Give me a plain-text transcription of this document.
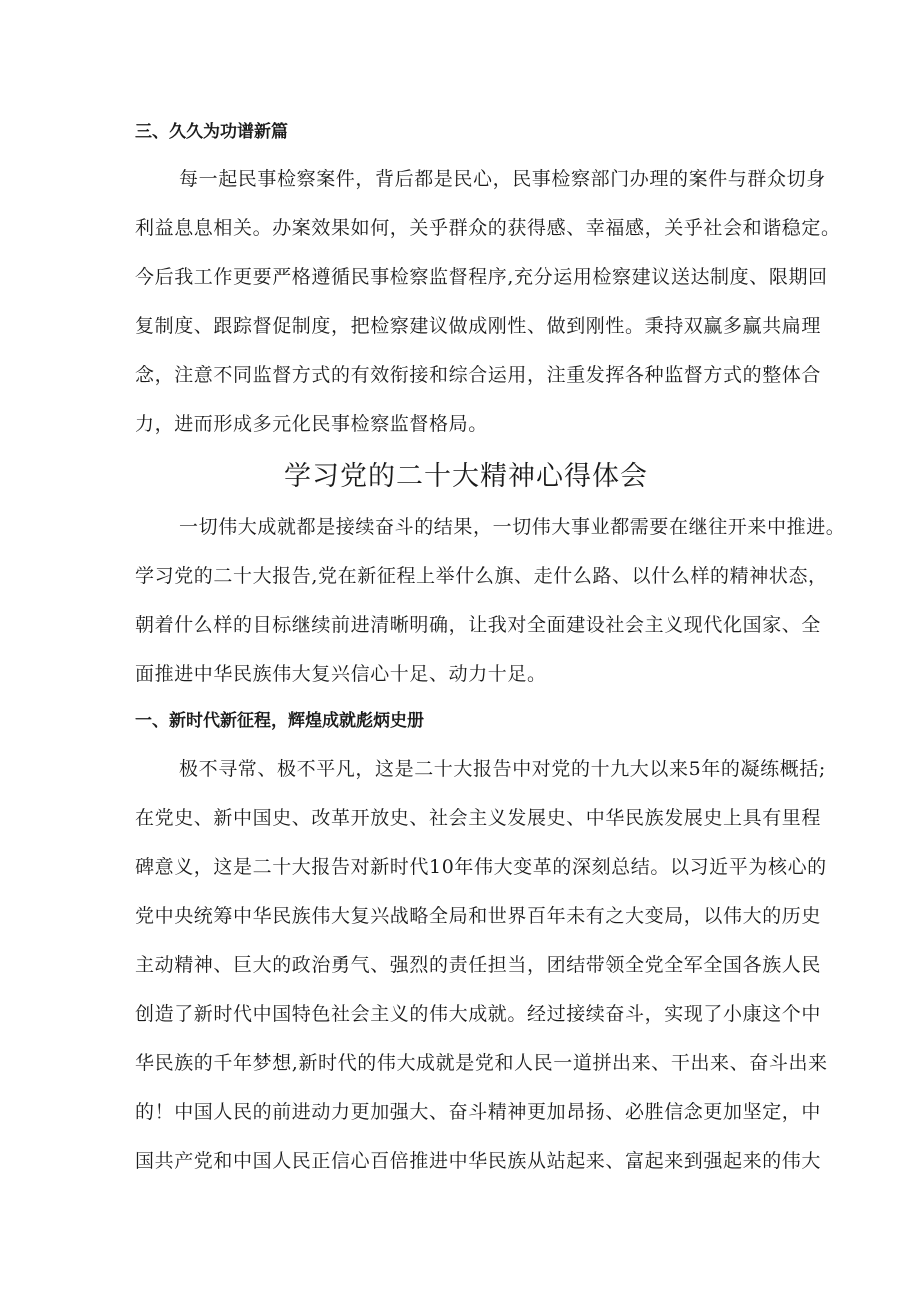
三、久久为功谱新篇
每一起民事检察案件，背后都是民心，民事检察部门办理的案件与群众切身
利益息息相关。办案效果如何，关乎群众的获得感、幸福感，关乎社会和谐稳定。
今后我工作更要严格遵循民事检察监督程序,充分运用检察建议送达制度、限期回
复制度、跟踪督促制度，把检察建议做成刚性、做到刚性。秉持双赢多赢共扁理
念，注意不同监督方式的有效衔接和综合运用，注重发挥各种监督方式的整体合
力，进而形成多元化民事检察监督格局。
学习党的二十大精神心得体会
一切伟大成就都是接续奋斗的结果，一切伟大事业都需要在继往开来中推进。
学习党的二十大报告,党在新征程上举什么旗、走什么路、以什么样的精神状态，
朝着什么样的目标继续前进清晰明确，让我对全面建设社会主义现代化国家、全
面推进中华民族伟大复兴信心十足、动力十足。
一、新时代新征程，辉煌成就彪炳史册
极不寻常、极不平凡，这是二十大报告中对党的十九大以来5年的凝练概括;
在党史、新中国史、改革开放史、社会主义发展史、中华民族发展史上具有里程
碑意义，这是二十大报告对新时代10年伟大变革的深刻总结。以习近平为核心的
党中央统筹中华民族伟大复兴战略全局和世界百年未有之大变局，以伟大的历史
主动精神、巨大的政治勇气、强烈的责任担当，团结带领全党全军全国各族人民
创造了新时代中国特色社会主义的伟大成就。经过接续奋斗，实现了小康这个中
华民族的千年梦想,新时代的伟大成就是党和人民一道拼出来、干出来、奋斗出来
的！中国人民的前进动力更加强大、奋斗精神更加昂扬、必胜信念更加坚定，中
国共产党和中国人民正信心百倍推进中华民族从站起来、富起来到强起来的伟大
